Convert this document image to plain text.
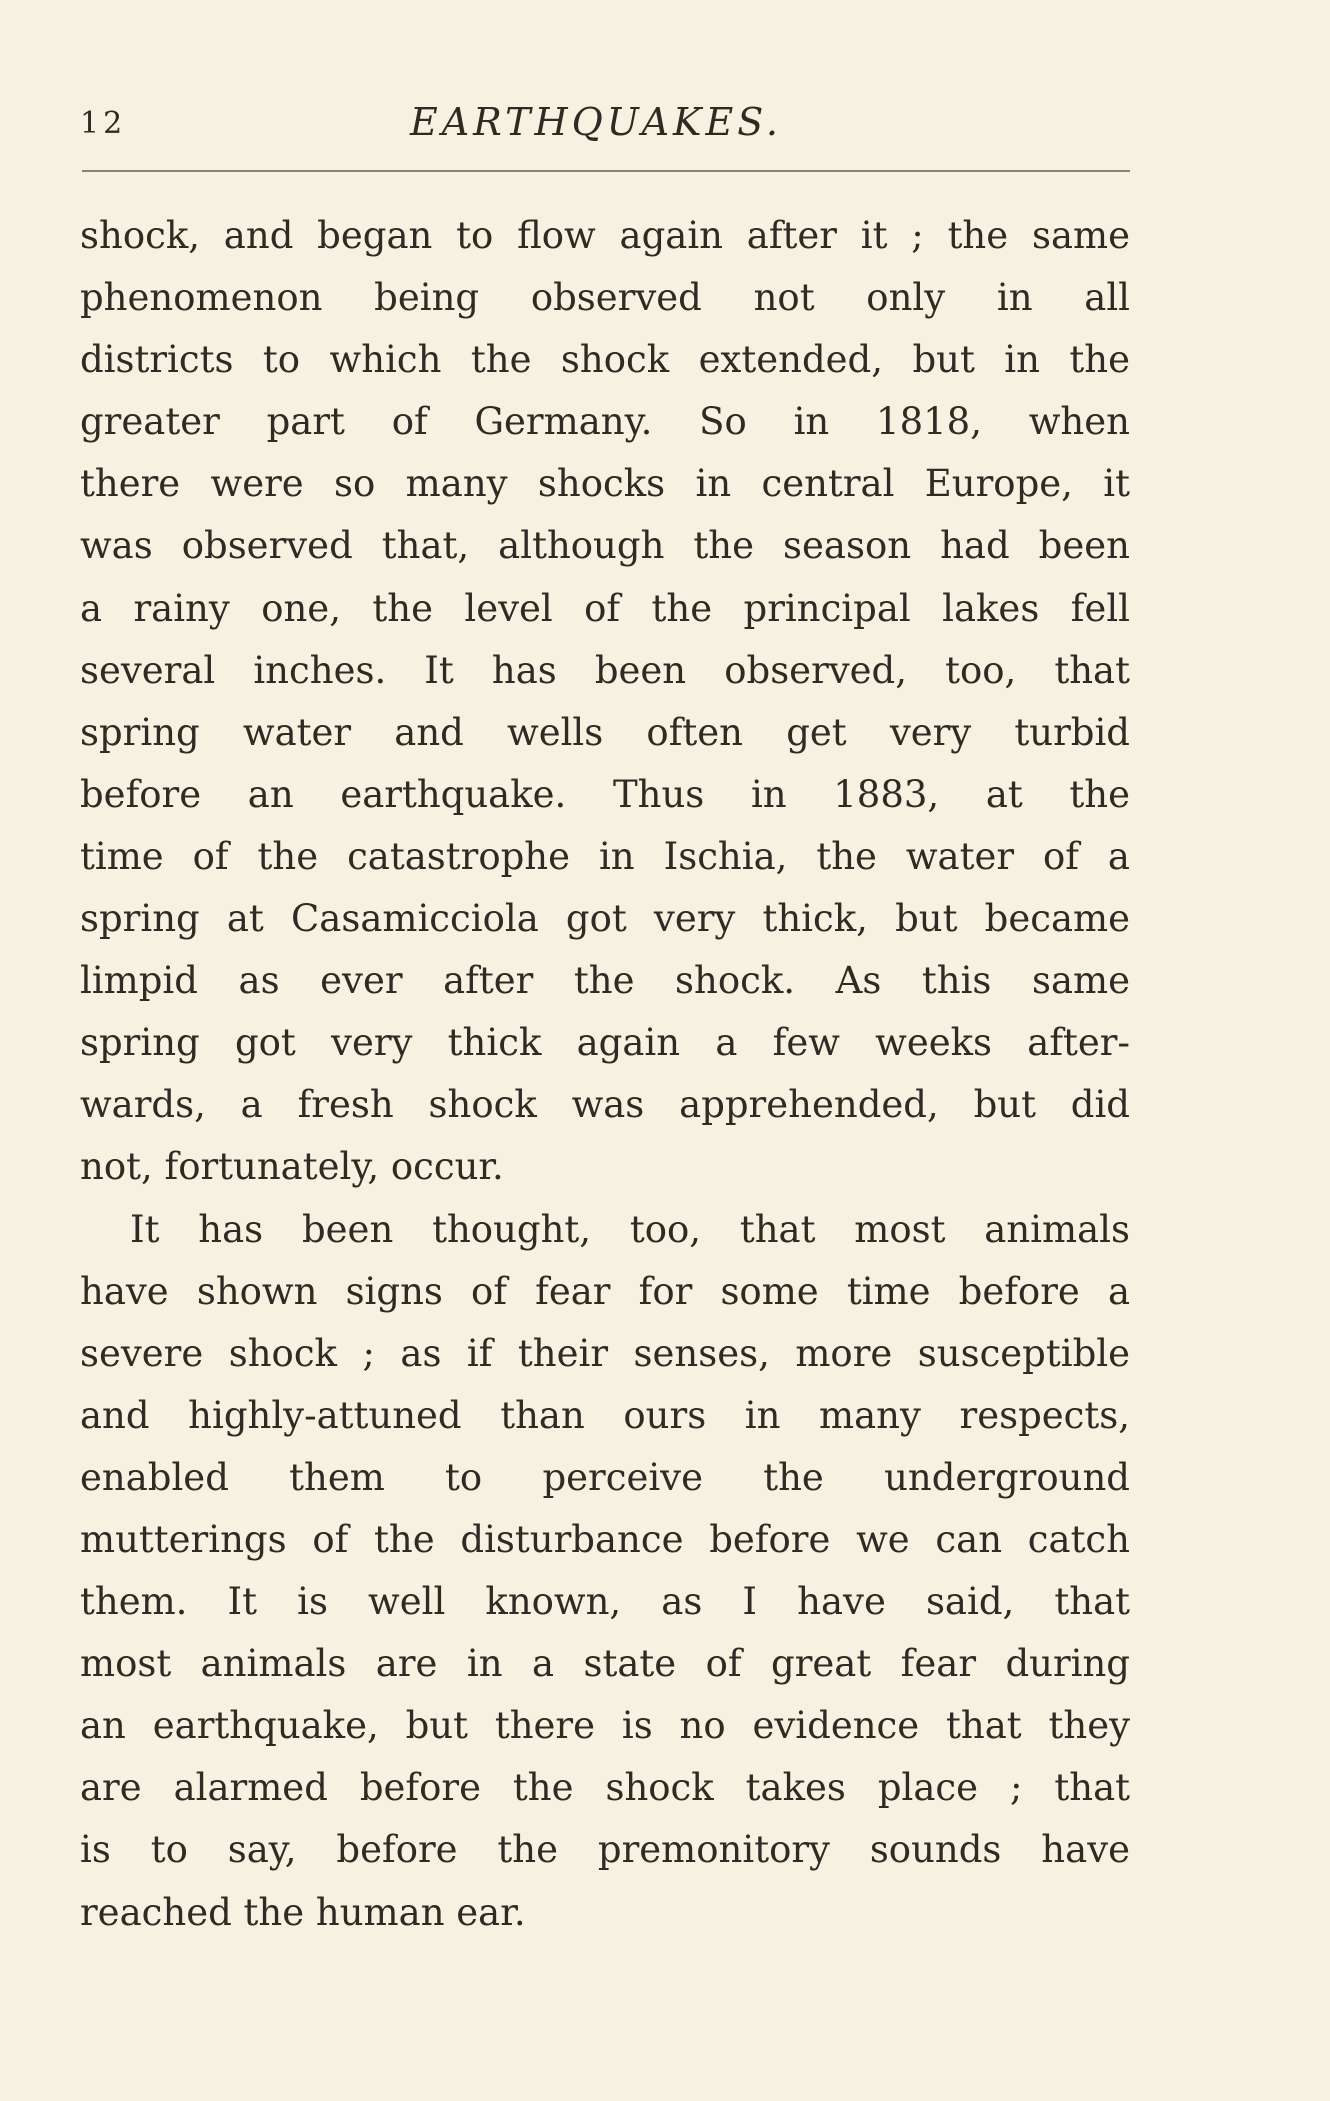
12	EARTHQUAKES.
shock, and began to flow again after it ; the same
phenomenon being observed not only in all
districts to which the shock extended, but in the
greater part of Germany. So in 1818, when
there were so many shocks in central Europe, it
was observed that, although the season had been
a rainy one, the level of the principal lakes fell
several inches. It has been observed, too, that
spring water and wells often get very turbid
before an earthquake. Thus in 1883, at the
time of the catastrophe in Ischia, the water of a
spring at Casamicciola got very thick, but became
limpid as ever after the shock. As this same
spring got very thick again a few weeks after-
wards, a fresh shock was apprehended, but did
not, fortunately, occur.
It has been thought, too, that most animals
have shown signs of fear for some time before a
severe shock ; as if their senses, more susceptible
and highly-attuned than ours in many respects,
enabled them to perceive the underground
mutterings of the disturbance before we can catch
them. It is well known, as I have said, that
most animals are in a state of great fear during
an earthquake, but there is no evidence that they
are alarmed before the shock takes place ; that
is to say, before the premonitory sounds have
reached the human ear.
